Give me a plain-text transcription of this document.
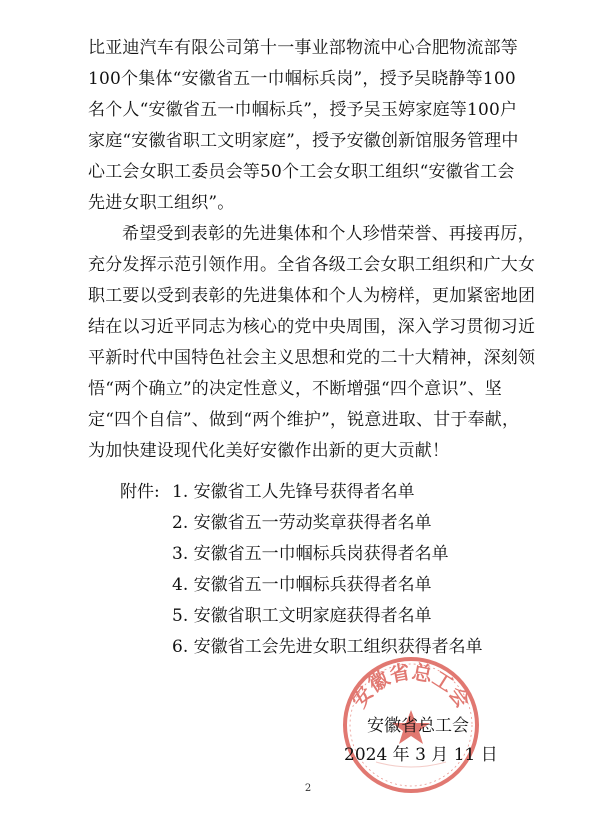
比亚迪汽车有限公司第十一事业部物流中心合肥物流部等
100个集体“安徽省五一巾帼标兵岗”，授予吴晓静等100
名个人“安徽省五一巾帼标兵”，授予吴玉婷家庭等100户
家庭“安徽省职工文明家庭”，授予安徽创新馆服务管理中
心工会女职工委员会等50个工会女职工组织“安徽省工会
先进女职工组织”。
希望受到表彰的先进集体和个人珍惜荣誉、再接再厉，
充分发挥示范引领作用。全省各级工会女职工组织和广大女
职工要以受到表彰的先进集体和个人为榜样，更加紧密地团
结在以习近平同志为核心的党中央周围，深入学习贯彻习近
平新时代中国特色社会主义思想和党的二十大精神，深刻领
悟“两个确立”的决定性意义，不断增强“四个意识”、坚
定“四个自信”、做到“两个维护”，锐意进取、甘于奉献，
为加快建设现代化美好安徽作出新的更大贡献！
附件: 1. 安徽省工人先锋号获得者名单
2. 安徽省五一劳动奖章获得者名单
3. 安徽省五一巾帼标兵岗获得者名单
4. 安徽省五一巾帼标兵获得者名单
5. 安徽省职工文明家庭获得者名单
6. 安徽省工会先进女职工组织获得者名单
安徽省总工会
安徽省总工会
2024 年 3 月 11 日
2
